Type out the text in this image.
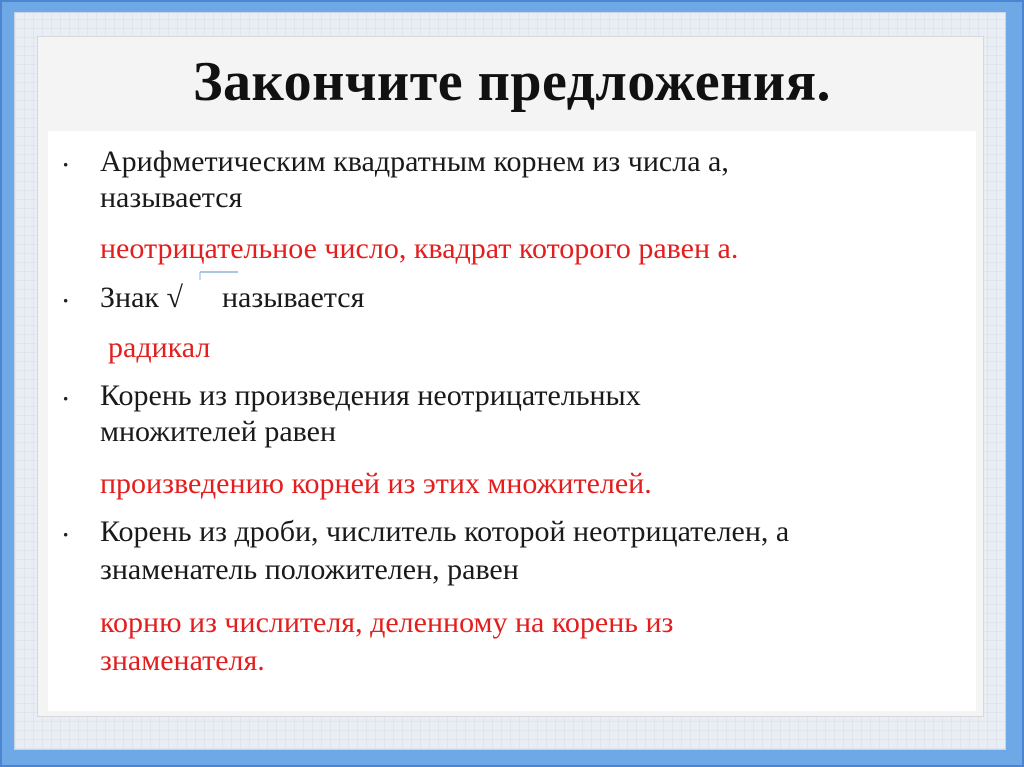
Закончите предложения.
· Арифметическим квадратным корнем из числа а,

называется

неотрицательное число, квадрат которого равен а.

· Знак √ называется

радикал

· Корень из произведения неотрицательных

множителей равен

произведению корней из этих множителей.

· Корень из дроби, числитель которой неотрицателен, а

знаменатель положителен, равен

корню из числителя, деленному на корень из

знаменателя.
